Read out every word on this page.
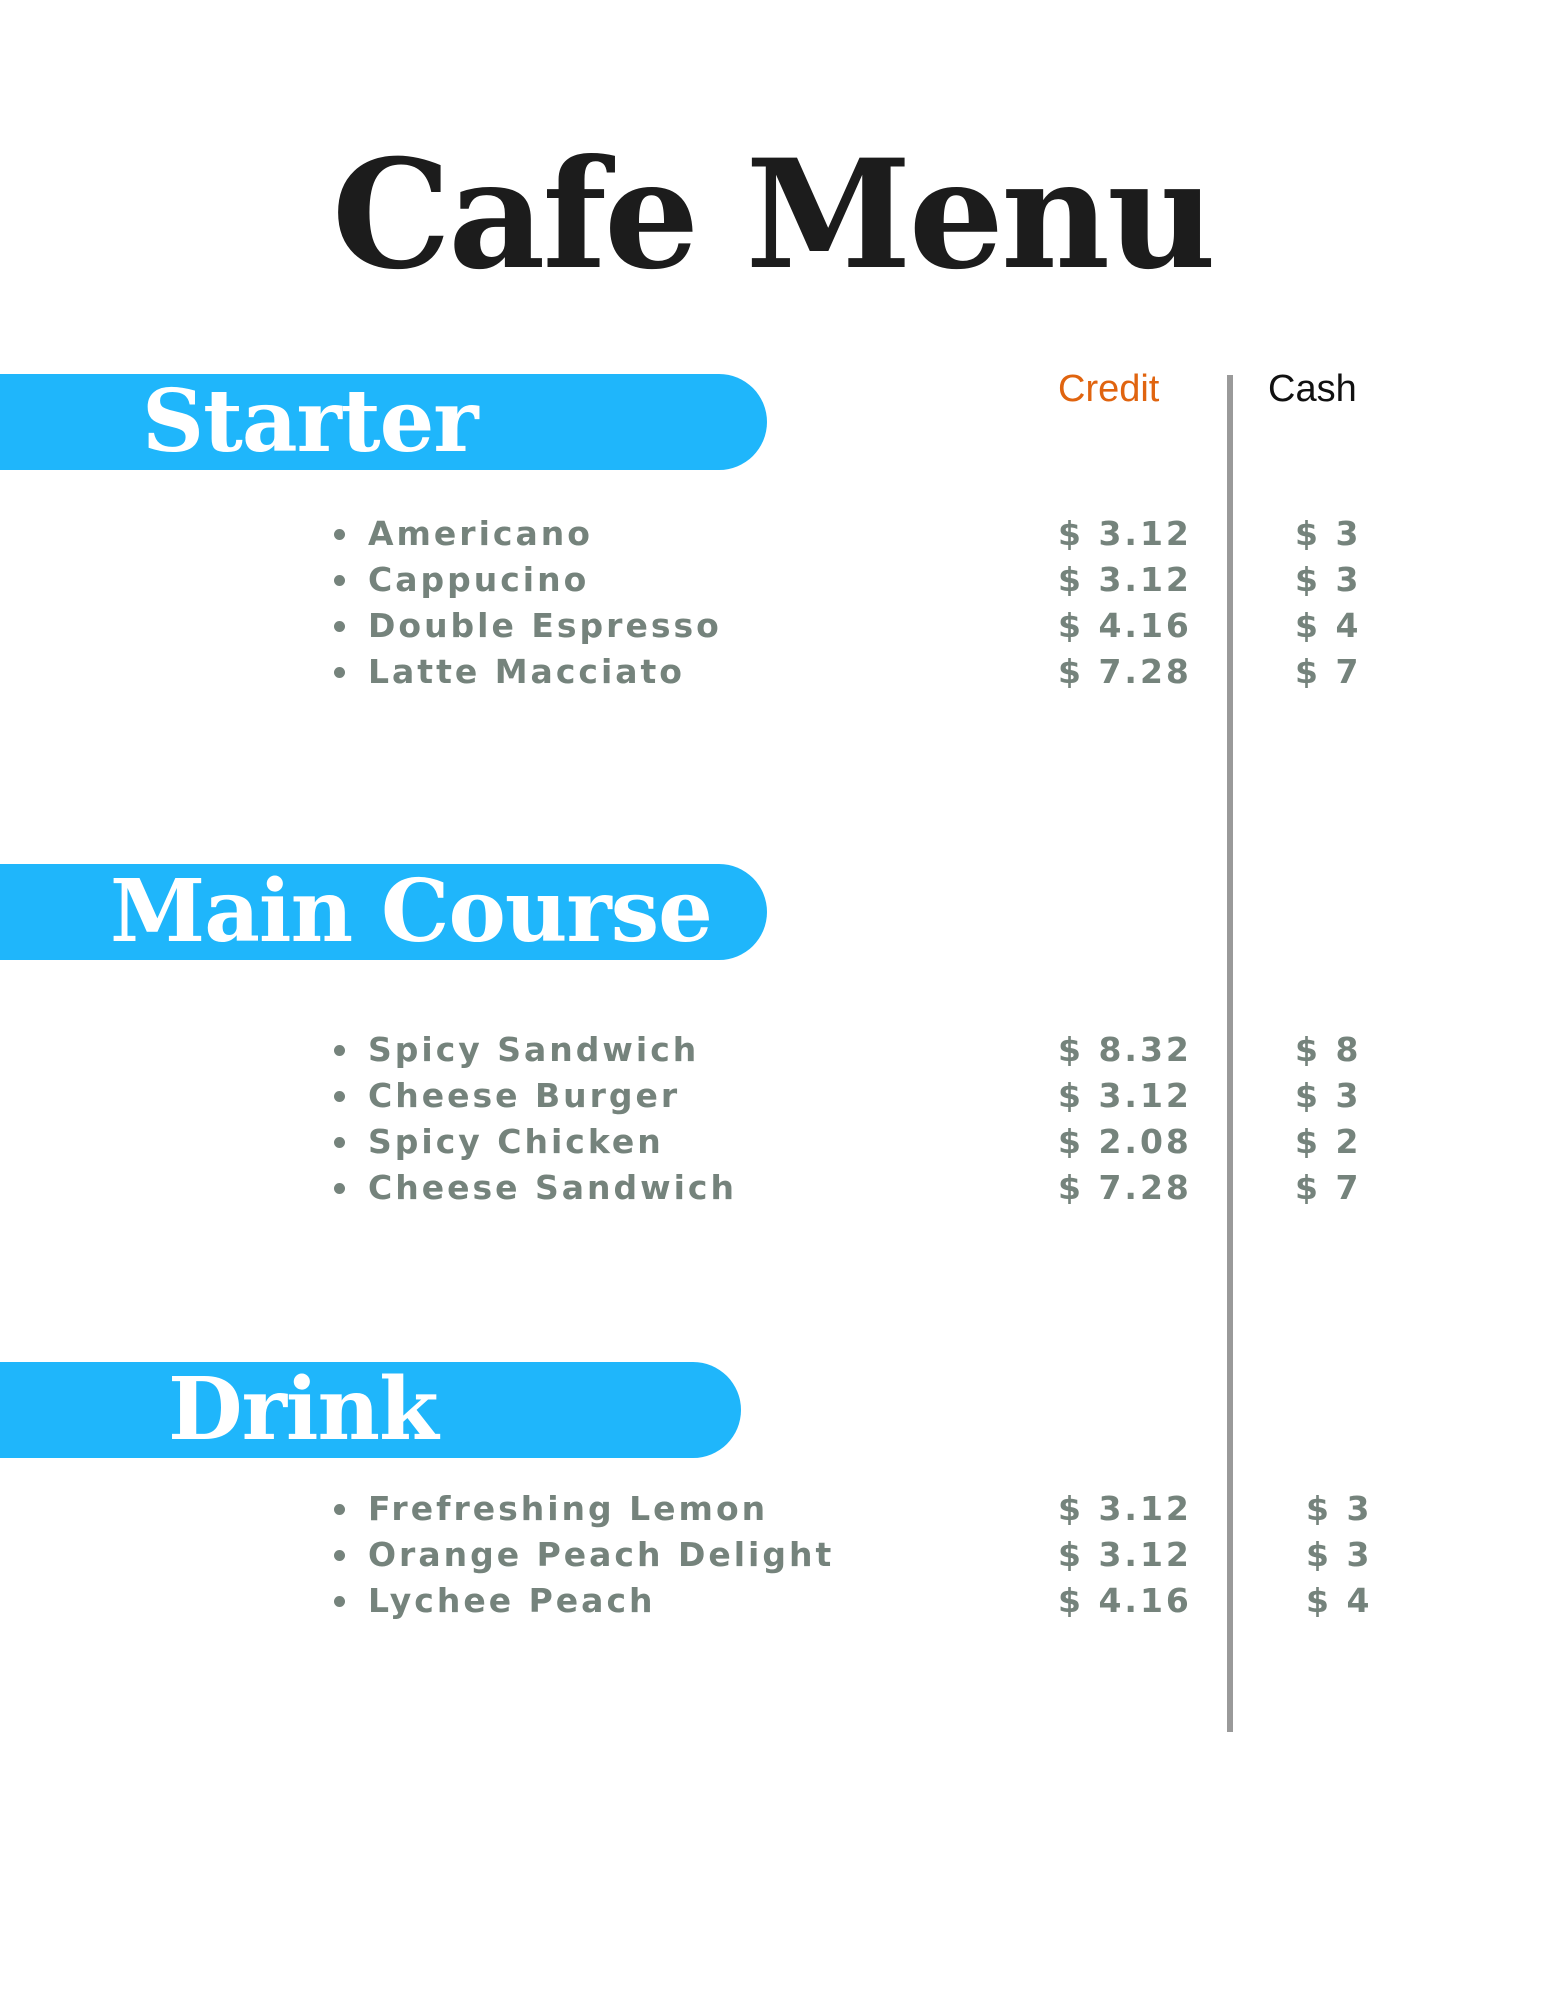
Cafe Menu
Credit	Cash
Starter
Americano	$ 3.12	$ 3
Cappucino	$ 3.12	$ 3
Double Espresso	$ 4.16	$ 4
Latte Macciato	$ 7.28	$ 7
Main Course
Spicy Sandwich	$ 8.32	$ 8
Cheese Burger	$ 3.12	$ 3
Spicy Chicken	$ 2.08	$ 2
Cheese Sandwich	$ 7.28	$ 7
Drink
Frefreshing Lemon	$ 3.12	$ 3
Orange Peach Delight	$ 3.12	$ 3
Lychee Peach	$ 4.16	$ 4
